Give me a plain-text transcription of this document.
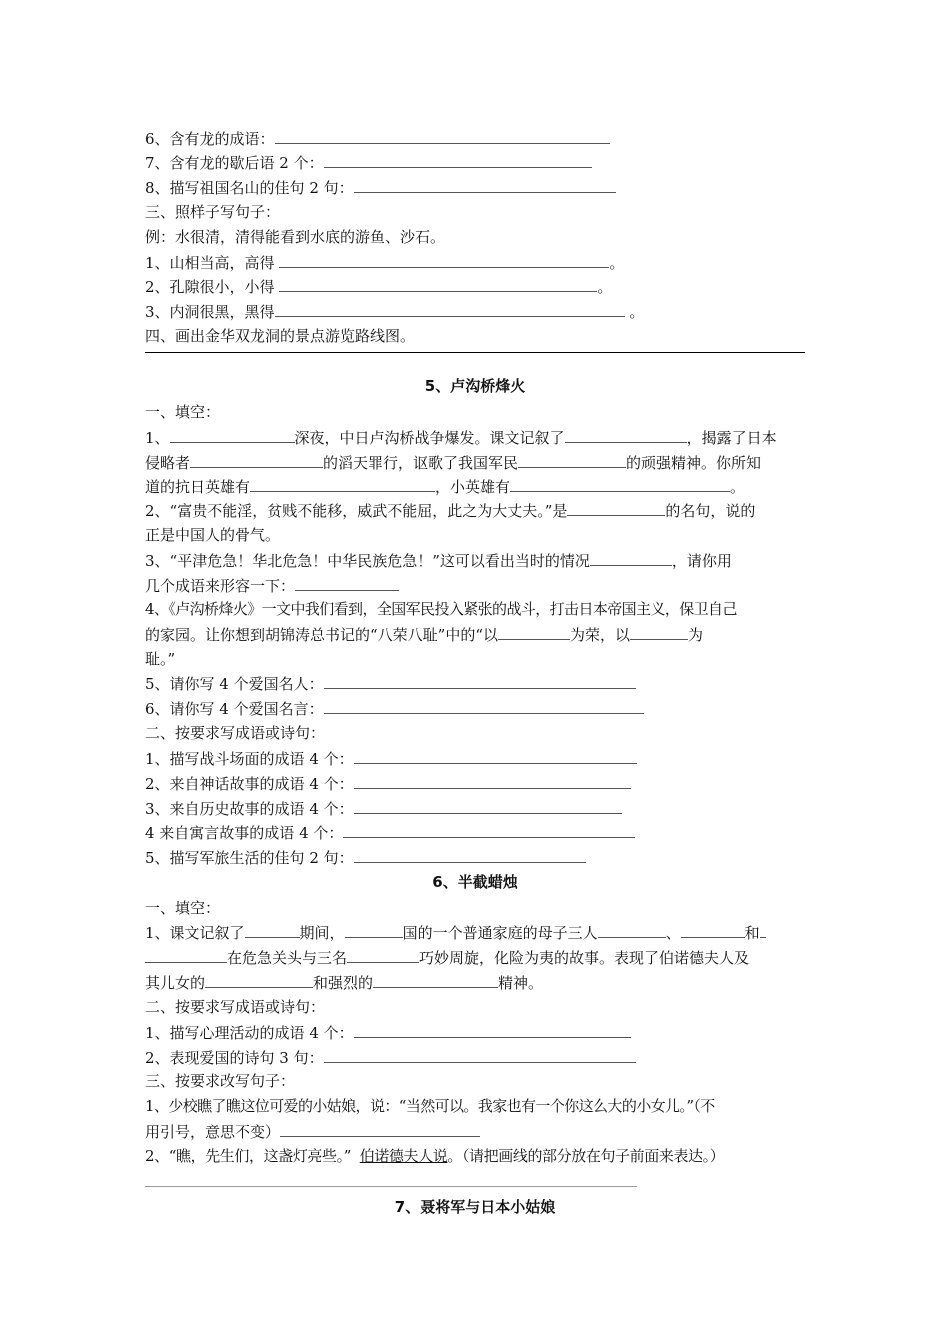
6、含有龙的成语：
7、含有龙的歇后语 2 个：
8、描写祖国名山的佳句 2 句：
三、照样子写句子：
例：水很清，清得能看到水底的游鱼、沙石。
1、山相当高，高得	。
2、孔隙很小，小得	。
3、内洞很黑，黑得	。
四、画出金华双龙洞的景点游览路线图。
5、卢沟桥烽火
一、填空：
1、	深夜，中日卢沟桥战争爆发。课文记叙了	，揭露了日本
侵略者	的滔天罪行，讴歌了我国军民	的顽强精神。你所知
道的抗日英雄有	，小英雄有	。
2、“富贵不能淫，贫贱不能移，威武不能屈，此之为大丈夫。”是	的名句，说的
正是中国人的骨气。
3、“平津危急！华北危急！中华民族危急！”这可以看出当时的情况	，请你用
几个成语来形容一下：
4、《卢沟桥烽火》一文中我们看到，全国军民投入紧张的战斗，打击日本帝国主义，保卫自己
的家园。让你想到胡锦涛总书记的“八荣八耻”中的“以	为荣，以	为
耻。”
5、请你写 4 个爱国名人：
6、请你写 4 个爱国名言：
二、按要求写成语或诗句：
1、描写战斗场面的成语 4 个：
2、来自神话故事的成语 4 个：
3、来自历史故事的成语 4 个：
4 来自寓言故事的成语 4 个：
5、描写军旅生活的佳句 2 句：
6、半截蜡烛
一、填空：
1、课文记叙了	期间，	国的一个普通家庭的母子三人	、	和
在危急关头与三名	巧妙周旋，化险为夷的故事。表现了伯诺德夫人及
其儿女的	和强烈的	精神。
二、按要求写成语或诗句：
1、描写心理活动的成语 4 个：
2、表现爱国的诗句 3 句：
三、按要求改写句子：
1、少校瞧了瞧这位可爱的小姑娘，说：“当然可以。我家也有一个你这么大的小女儿。”（不
用引号，意思不变）
2、“瞧，先生们，这盏灯亮些。” 伯诺德夫人说。（请把画线的部分放在句子前面来表达。）
7、聂将军与日本小姑娘
